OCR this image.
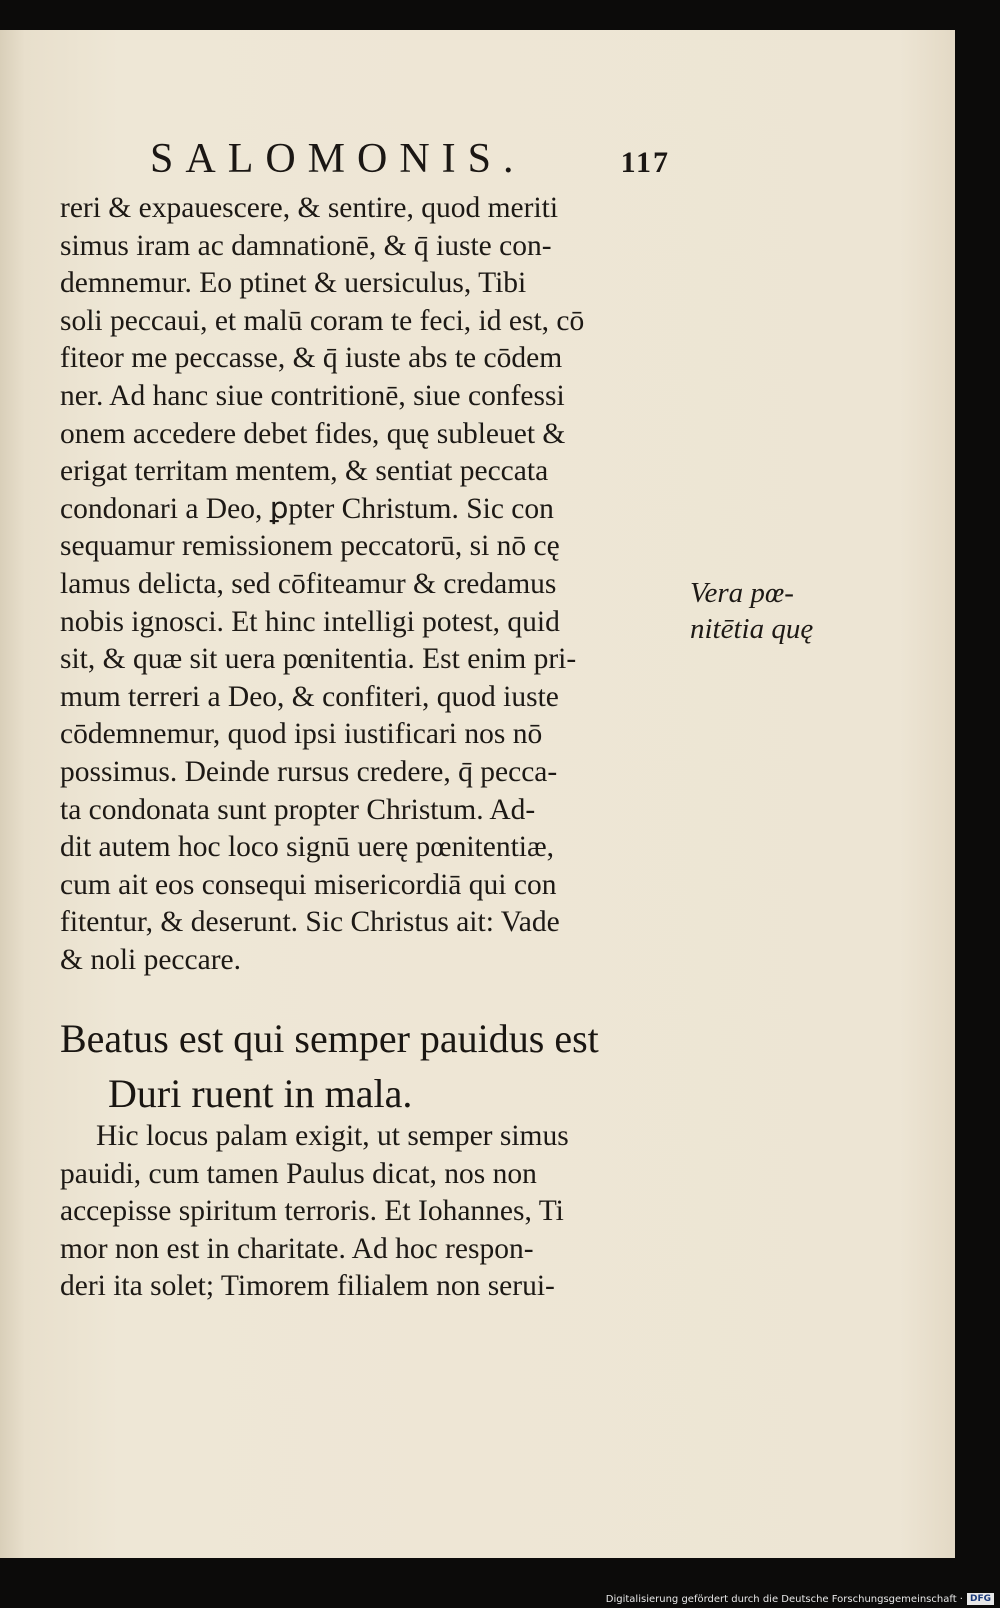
SALOMONIS.	117
reri & expauescere, & sentire, quod meriti
simus iram ac damnationē, & q̄ iuste con-
demnemur. Eo ptinet & uersiculus, Tibi
soli peccaui, et malū coram te feci, id est, cō
fiteor me peccasse, & q̄ iuste abs te cōdem
ner. Ad hanc siue contritionē, siue confessi
onem accedere debet fides, quę subleuet &
erigat territam mentem, & sentiat peccata
condonari a Deo, ꝑpter Christum. Sic con
sequamur remissionem peccatorū, si nō cę
lamus delicta, sed cōfiteamur & credamus
nobis ignosci. Et hinc intelligi potest, quid
sit, & quæ sit uera pœnitentia. Est enim pri-
mum terreri a Deo, & confiteri, quod iuste
cōdemnemur, quod ipsi iustificari nos nō
possimus. Deinde rursus credere, q̄ pecca-
ta condonata sunt propter Christum. Ad-
dit autem hoc loco signū uerę pœnitentiæ,
cum ait eos consequi misericordiā qui con
fitentur, & deserunt. Sic Christus ait: Vade
& noli peccare.
Vera pœ-
nitētia quę
Beatus est qui semper pauidus est
Duri ruent in mala.
Hic locus palam exigit, ut semper simus
pauidi, cum tamen Paulus dicat, nos non
accepisse spiritum terroris. Et Iohannes, Ti
mor non est in charitate. Ad hoc respon-
deri ita solet; Timorem filialem non serui-
Digitalisierung gefördert durch die Deutsche Forschungsgemeinschaft · DFG
